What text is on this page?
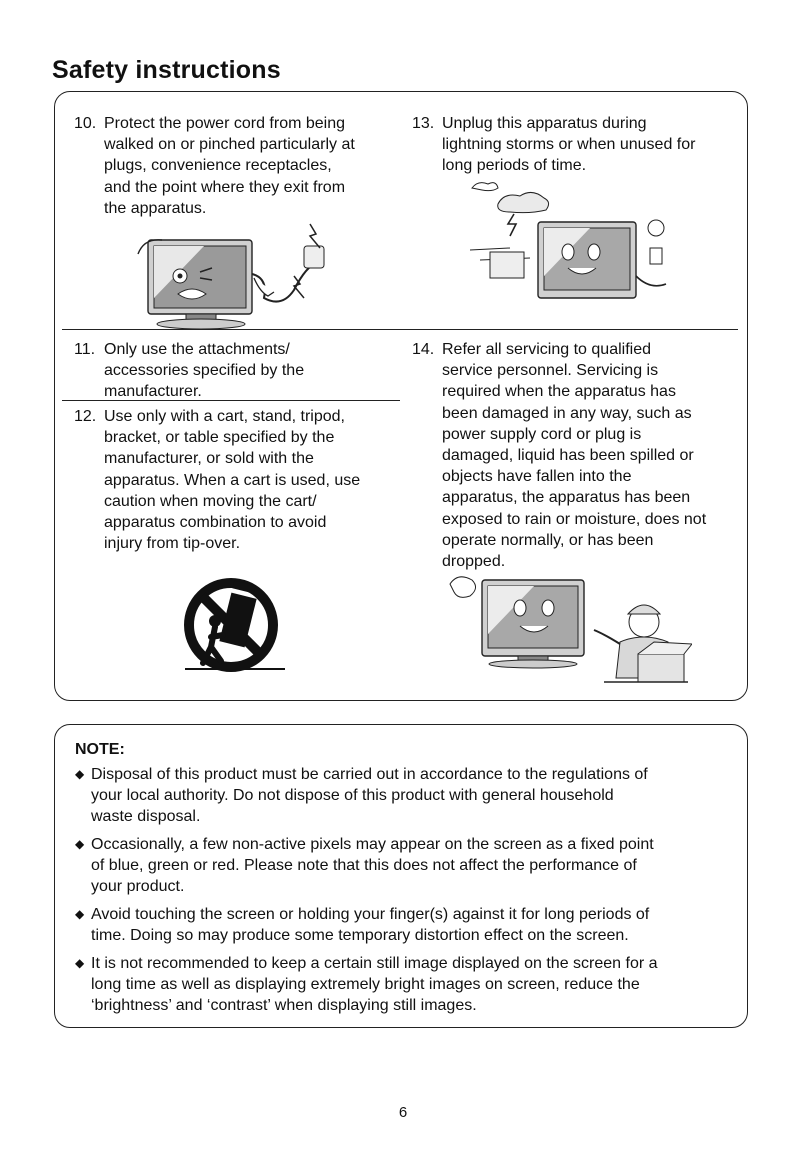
Safety instructions

10. Protect the power cord from being
walked on or pinched particularly at
plugs, convenience receptacles,
and the point where they exit from
the apparatus.

13. Unplug this apparatus during
lightning storms or when unused for
long periods of time.

11. Only use the attachments/
accessories specified by the
manufacturer.

14. Refer all servicing to qualified
service personnel. Servicing is
required when the apparatus has
been damaged in any way, such as
power supply cord or plug is
damaged, liquid has been spilled or
objects have fallen into the
apparatus, the apparatus has been
exposed to rain or moisture, does not
operate normally, or has been
dropped.

12. Use only with a cart, stand, tripod,
bracket, or table specified by the
manufacturer, or sold with the
apparatus. When a cart is used, use
caution when moving the cart/
apparatus combination to avoid
injury from tip-over.

NOTE:
◆ Disposal of this product must be carried out in accordance to the regulations of
your local authority. Do not dispose of this product with general household
waste disposal.
◆ Occasionally, a few non-active pixels may appear on the screen as a fixed point
of blue, green or red. Please note that this does not affect the performance of
your product.
◆ Avoid touching the screen or holding your finger(s) against it for long periods of
time. Doing so may produce some temporary distortion effect on the screen.
◆ It is not recommended to keep a certain still image displayed on the screen for a
long time as well as displaying extremely bright images on screen, reduce the
‘brightness’ and ‘contrast’ when displaying still images.
6
